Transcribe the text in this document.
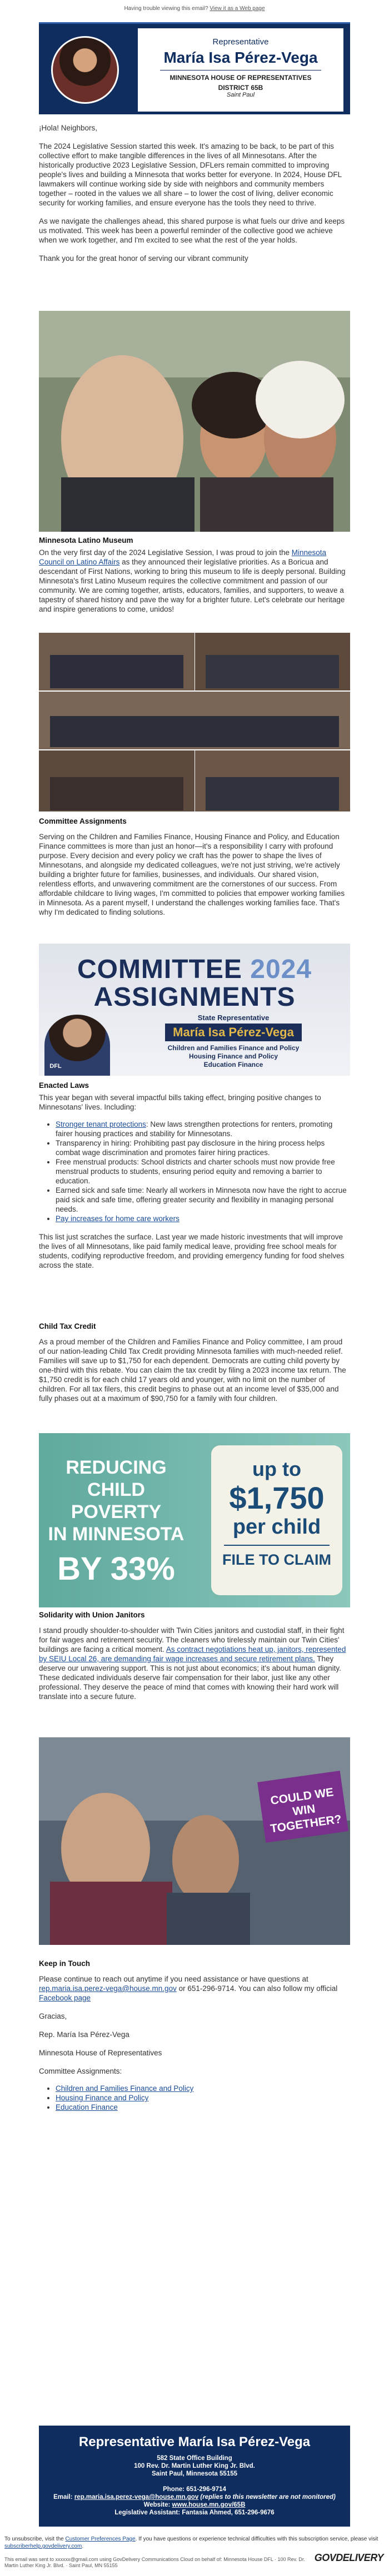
Having trouble viewing this email? View it as a Web page
Representative
María Isa Pérez-Vega
MINNESOTA HOUSE OF REPRESENTATIVES
DISTRICT 65B
Saint Paul
¡Hola! Neighbors,
The 2024 Legislative Session started this week. It's amazing to be back, to be part of this collective effort to make tangible differences in the lives of all Minnesotans. After the historically productive 2023 Legislative Session, DFLers remain committed to improving people's lives and building a Minnesota that works better for everyone. In 2024, House DFL lawmakers will continue working side by side with neighbors and community members together – rooted in the values we all share – to lower the cost of living, deliver economic security for working families, and ensure everyone has the tools they need to thrive.
As we navigate the challenges ahead, this shared purpose is what fuels our drive and keeps us motivated. This week has been a powerful reminder of the collective good we achieve when we work together, and I'm excited to see what the rest of the year holds.
Thank you for the great honor of serving our vibrant community
Minnesota Latino Museum
On the very first day of the 2024 Legislative Session, I was proud to join the Minnesota Council on Latino Affairs as they announced their legislative priorities. As a Boricua and descendant of First Nations, working to bring this museum to life is deeply personal. Building Minnesota's first Latino Museum requires the collective commitment and passion of our community. We are coming together, artists, educators, families, and supporters, to weave a tapestry of shared history and pave the way for a brighter future. Let's celebrate our heritage and inspire generations to come, unidos!
Committee Assignments
Serving on the Children and Families Finance, Housing Finance and Policy, and Education Finance committees is more than just an honor—it's a responsibility I carry with profound purpose. Every decision and every policy we craft has the power to shape the lives of Minnesotans, and alongside my dedicated colleagues, we're not just striving, we're actively building a brighter future for families, businesses, and individuals. Our shared vision, relentless efforts, and unwavering commitment are the cornerstones of our success. From affordable childcare to living wages, I'm committed to policies that empower working families in Minnesota. As a parent myself, I understand the challenges working families face. That's why I'm dedicated to finding solutions.
COMMITTEE 2024
ASSIGNMENTS
DFL
State Representative
María Isa Pérez-Vega
Children and Families Finance and Policy
Housing Finance and Policy
Education Finance
Enacted Laws
This year began with several impactful bills taking effect, bringing positive changes to Minnesotans' lives. Including:
• Stronger tenant protections: New laws strengthen protections for renters, promoting fairer housing practices and stability for Minnesotans.
• Transparency in hiring: Prohibiting past pay disclosure in the hiring process helps combat wage discrimination and promotes fairer hiring practices.
• Free menstrual products: School districts and charter schools must now provide free menstrual products to students, ensuring period equity and removing a barrier to education.
• Earned sick and safe time: Nearly all workers in Minnesota now have the right to accrue paid sick and safe time, offering greater security and flexibility in managing personal needs.
• Pay increases for home care workers
This list just scratches the surface. Last year we made historic investments that will improve the lives of all Minnesotans, like paid family medical leave, providing free school meals for students, codifying reproductive freedom, and providing emergency funding for food shelves across the state.
Child Tax Credit
As a proud member of the Children and Families Finance and Policy committee, I am proud of our nation-leading Child Tax Credit providing Minnesota families with much-needed relief. Families will save up to $1,750 for each dependent. Democrats are cutting child poverty by one-third with this rebate. You can claim the tax credit by filing a 2023 income tax return. The $1,750 credit is for each child 17 years old and younger, with no limit on the number of children. For all tax filers, this credit begins to phase out at an income level of $35,000 and fully phases out at a maximum of $90,750 for a family with four children.
REDUCING
CHILD POVERTY
IN MINNESOTA
BY 33%
up to
$1,750
per child
FILE TO CLAIM
Solidarity with Union Janitors
I stand proudly shoulder-to-shoulder with Twin Cities janitors and custodial staff, in their fight for fair wages and retirement security. The cleaners who tirelessly maintain our Twin Cities' buildings are facing a critical moment. As contract negotiations heat up, janitors, represented by SEIU Local 26, are demanding fair wage increases and secure retirement plans. They deserve our unwavering support. This is not just about economics; it's about human dignity. These dedicated individuals deserve fair compensation for their labor, just like any other professional. They deserve the peace of mind that comes with knowing their hard work will translate into a secure future.
COULD WE WIN TOGETHER?
Keep in Touch
Please continue to reach out anytime if you need assistance or have questions at rep.maria.isa.perez-vega@house.mn.gov or 651-296-9714. You can also follow my official Facebook page
Gracias,
Rep. María Isa Pérez-Vega
Minnesota House of Representatives
Committee Assignments:
• Children and Families Finance and Policy
• Housing Finance and Policy
• Education Finance
Representative María Isa Pérez-Vega
582 State Office Building
100 Rev. Dr. Martin Luther King Jr. Blvd.
Saint Paul, Minnesota 55155
Phone: 651-296-9714
Email: rep.maria.isa.perez-vega@house.mn.gov (replies to this newsletter are not monitored)
Website: www.house.mn.gov/65B
Legislative Assistant: Fantasia Ahmed, 651-296-9676
To unsubscribe, visit the Customer Preferences Page. If you have questions or experience technical difficulties with this subscription service, please visit subscriberhelp.govdelivery.com.
This email was sent to xxxxxx@gmail.com using GovDelivery Communications Cloud on behalf of: Minnesota House DFL · 100 Rev. Dr. Martin Luther King Jr. Blvd. · Saint Paul, MN 55155
GOVDELIVERY
